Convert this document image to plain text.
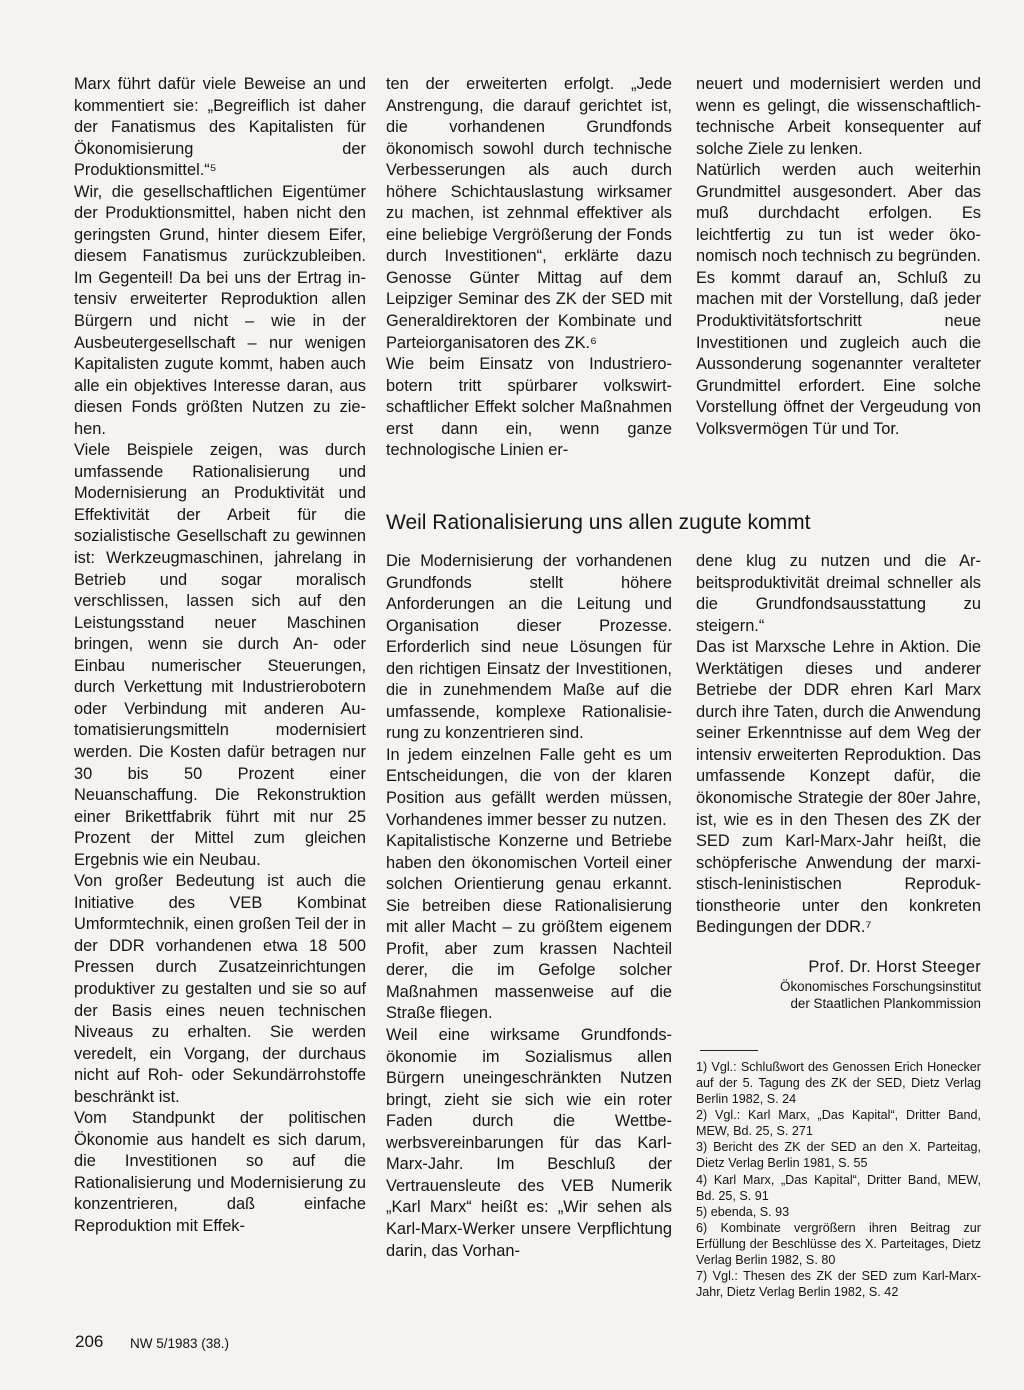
Marx führt dafür viele Beweise an und kommentiert sie: „Begreiflich ist daher der Fanatismus des Kapitalisten für Ökonomisierung der Produktionsmittel.“⁵

Wir, die gesellschaftlichen Eigentümer der Produktionsmittel, haben nicht den geringsten Grund, hinter diesem Eifer, diesem Fanatismus zurückzubleiben. Im Gegenteil! Da bei uns der Ertrag intensiv erweiterter Reproduktion allen Bürgern und nicht – wie in der Ausbeutergesellschaft – nur wenigen Kapitalisten zugute kommt, haben auch alle ein objektives Interesse daran, aus diesen Fonds größten Nutzen zu ziehen.

Viele Beispiele zeigen, was durch umfassende Rationalisierung und Modernisierung an Produktivität und Effektivität der Arbeit für die sozialistische Gesellschaft zu gewinnen ist: Werkzeugmaschinen, jahrelang in Betrieb und sogar moralisch verschlissen, lassen sich auf den Leistungsstand neuer Maschinen bringen, wenn sie durch An- oder Einbau numerischer Steuerungen, durch Verkettung mit Industrierobotern oder Verbindung mit anderen Automatisierungsmitteln modernisiert werden. Die Kosten dafür betragen nur 30 bis 50 Prozent einer Neuanschaffung. Die Rekonstruktion einer Brikettfabrik führt mit nur 25 Prozent der Mittel zum gleichen Ergebnis wie ein Neubau.

Von großer Bedeutung ist auch die Initiative des VEB Kombinat Umformtechnik, einen großen Teil der in der DDR vorhandenen etwa 18 500 Pressen durch Zusatzeinrichtungen produktiver zu gestalten und sie so auf der Basis eines neuen technischen Niveaus zu erhalten. Sie werden veredelt, ein Vorgang, der durchaus nicht auf Roh- oder Sekundärrohstoffe beschränkt ist.

Vom Standpunkt der politischen Ökonomie aus handelt es sich darum, die Investitionen so auf die Rationalisierung und Modernisierung zu konzentrieren, daß einfache Reproduktion mit Effek-

ten der erweiterten erfolgt. „Jede Anstrengung, die darauf gerichtet ist, die vorhandenen Grundfonds ökonomisch sowohl durch technische Verbesserungen als auch durch höhere Schichtauslastung wirksamer zu machen, ist zehnmal effektiver als eine beliebige Vergrößerung der Fonds durch Investitionen“, erklärte dazu Genosse Günter Mittag auf dem Leipziger Seminar des ZK der SED mit Generaldirektoren der Kombinate und Parteiorganisatoren des ZK.⁶

Wie beim Einsatz von Industrierobotern tritt spürbarer volkswirtschaftlicher Effekt solcher Maßnahmen erst dann ein, wenn ganze technologische Linien er-

neuert und modernisiert werden und wenn es gelingt, die wissenschaftlich-technische Arbeit konsequenter auf solche Ziele zu lenken.

Natürlich werden auch weiterhin Grundmittel ausgesondert. Aber das muß durchdacht erfolgen. Es leichtfertig zu tun ist weder ökonomisch noch technisch zu begründen. Es kommt darauf an, Schluß zu machen mit der Vorstellung, daß jeder Produktivitätsfortschritt neue Investitionen und zugleich auch die Aussonderung sogenannter veralteter Grundmittel erfordert. Eine solche Vorstellung öffnet der Vergeudung von Volksvermögen Tür und Tor.

Weil Rationalisierung uns allen zugute kommt

Die Modernisierung der vorhandenen Grundfonds stellt höhere Anforderungen an die Leitung und Organisation dieser Prozesse. Erforderlich sind neue Lösungen für den richtigen Einsatz der Investitionen, die in zunehmendem Maße auf die umfassende, komplexe Rationalisierung zu konzentrieren sind.

In jedem einzelnen Falle geht es um Entscheidungen, die von der klaren Position aus gefällt werden müssen, Vorhandenes immer besser zu nutzen.

Kapitalistische Konzerne und Betriebe haben den ökonomischen Vorteil einer solchen Orientierung genau erkannt. Sie betreiben diese Rationalisierung mit aller Macht – zu größtem eigenem Profit, aber zum krassen Nachteil derer, die im Gefolge solcher Maßnahmen massenweise auf die Straße fliegen.

Weil eine wirksame Grundfondsökonomie im Sozialismus allen Bürgern uneingeschränkten Nutzen bringt, zieht sie sich wie ein roter Faden durch die Wettbewerbsvereinbarungen für das Karl-Marx-Jahr. Im Beschluß der Vertrauensleute des VEB Numerik „Karl Marx“ heißt es: „Wir sehen als Karl-Marx-Werker unsere Verpflichtung darin, das Vorhan-

dene klug zu nutzen und die Arbeitsproduktivität dreimal schneller als die Grundfondsausstattung zu steigern.“

Das ist Marxsche Lehre in Aktion. Die Werktätigen dieses und anderer Betriebe der DDR ehren Karl Marx durch ihre Taten, durch die Anwendung seiner Erkenntnisse auf dem Weg der intensiv erweiterten Reproduktion. Das umfassende Konzept dafür, die ökonomische Strategie der 80er Jahre, ist, wie es in den Thesen des ZK der SED zum Karl-Marx-Jahr heißt, die schöpferische Anwendung der marxistisch-leninistischen Reproduktionstheorie unter den konkreten Bedingungen der DDR.⁷

Prof. Dr. Horst Steeger
Ökonomisches Forschungsinstitut
der Staatlichen Plankommission

1) Vgl.: Schlußwort des Genossen Erich Honecker auf der 5. Tagung des ZK der SED, Dietz Verlag Berlin 1982, S. 24

2) Vgl.: Karl Marx, „Das Kapital“, Dritter Band, MEW, Bd. 25, S. 271

3) Bericht des ZK der SED an den X. Parteitag, Dietz Verlag Berlin 1981, S. 55

4) Karl Marx, „Das Kapital“, Dritter Band, MEW, Bd. 25, S. 91

5) ebenda, S. 93

6) Kombinate vergrößern ihren Beitrag zur Erfüllung der Beschlüsse des X. Parteitages, Dietz Verlag Berlin 1982, S. 80

7) Vgl.: Thesen des ZK der SED zum Karl-Marx-Jahr, Dietz Verlag Berlin 1982, S. 42

206 NW 5/1983 (38.)
